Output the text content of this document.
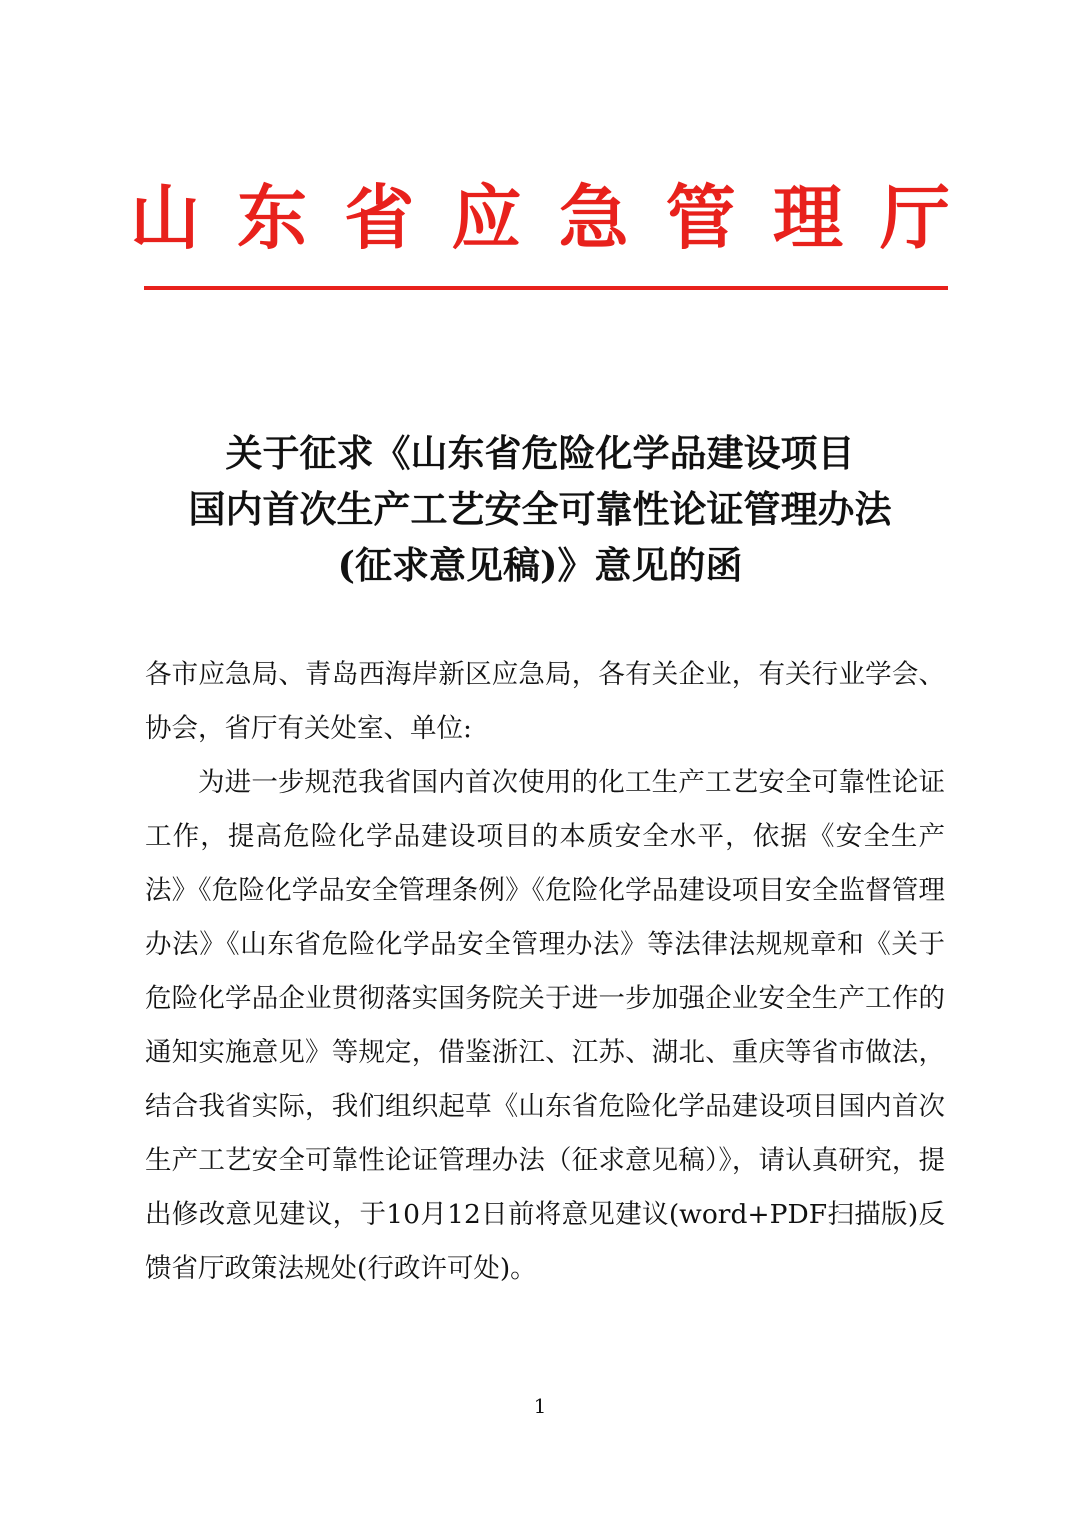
山 东 省 应 急 管 理 厅
关于征求《山东省危险化学品建设项目
国内首次生产工艺安全可靠性论证管理办法
(征求意见稿)》意见的函

各市应急局、青岛西海岸新区应急局，各有关企业，有关行业学会、协会，省厅有关处室、单位:

为进一步规范我省国内首次使用的化工生产工艺安全可靠性论证工作，提高危险化学品建设项目的本质安全水平，依据《安全生产法》《危险化学品安全管理条例》《危险化学品建设项目安全监督管理办法》《山东省危险化学品安全管理办法》等法律法规规章和《关于危险化学品企业贯彻落实国务院关于进一步加强企业安全生产工作的通知实施意见》等规定，借鉴浙江、江苏、湖北、重庆等省市做法，结合我省实际，我们组织起草《山东省危险化学品建设项目国内首次生产工艺安全可靠性论证管理办法（征求意见稿）》，请认真研究，提出修改意见建议，于10月12日前将意见建议(word+PDF扫描版)反馈省厅政策法规处(行政许可处)。

1
